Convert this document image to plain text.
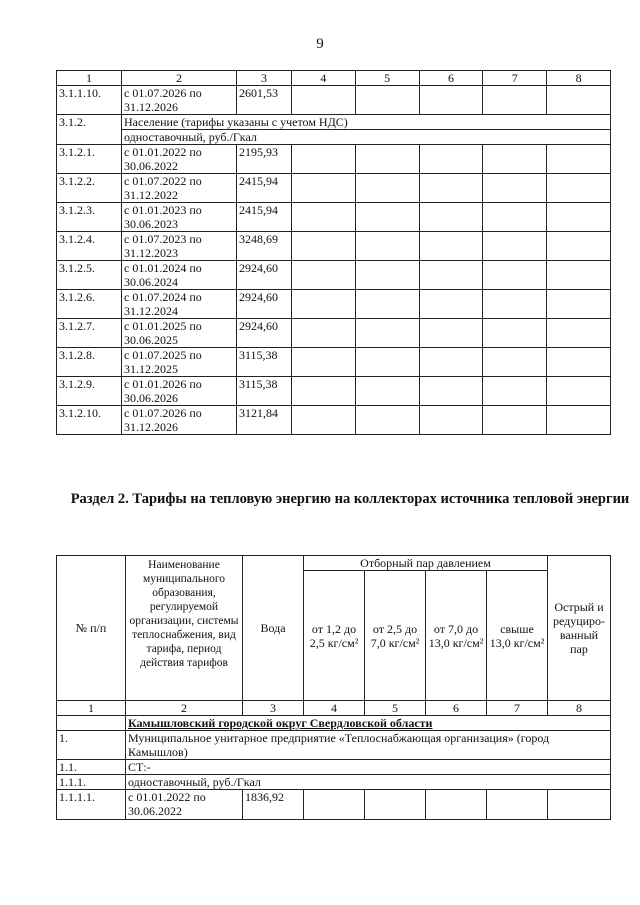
9
1	2	3	4	5	6	7	8
3.1.1.10.	с 01.07.2026 по 31.12.2026	2601,53					
3.1.2.	Население (тарифы указаны с учетом НДС)						
	одноставочный, руб./Гкал						
3.1.2.1.	с 01.01.2022 по 30.06.2022	2195,93					
3.1.2.2.	с 01.07.2022 по 31.12.2022	2415,94					
3.1.2.3.	с 01.01.2023 по 30.06.2023	2415,94					
3.1.2.4.	с 01.07.2023 по 31.12.2023	3248,69					
3.1.2.5.	с 01.01.2024 по 30.06.2024	2924,60					
3.1.2.6.	с 01.07.2024 по 31.12.2024	2924,60					
3.1.2.7.	с 01.01.2025 по 30.06.2025	2924,60					
3.1.2.8.	с 01.07.2025 по 31.12.2025	3115,38					
3.1.2.9.	с 01.01.2026 по 30.06.2026	3115,38					
3.1.2.10.	с 01.07.2026 по 31.12.2026	3121,84					
Раздел 2. Тарифы на тепловую энергию на коллекторах источника тепловой энергии
№ п/п	Наименование муниципального образования, регулируемой организации, системы теплоснабжения, вид тарифа, период действия тарифов	Вода	Отборный пар давлением				Острый и редуциро-ванный пар
			от 1,2 до 2,5 кг/см²	от 2,5 до 7,0 кг/см²	от 7,0 до 13,0 кг/см²	свыше 13,0 кг/см²	
1	2	3	4	5	6	7	8
	Камышловский городской округ Свердловской области						
1.	Муниципальное унитарное предприятие «Теплоснабжающая организация» (город Камышлов)						
1.1.	СТ:-						
1.1.1.	одноставочный, руб./Гкал						
1.1.1.1.	с 01.01.2022 по 30.06.2022	1836,92					
